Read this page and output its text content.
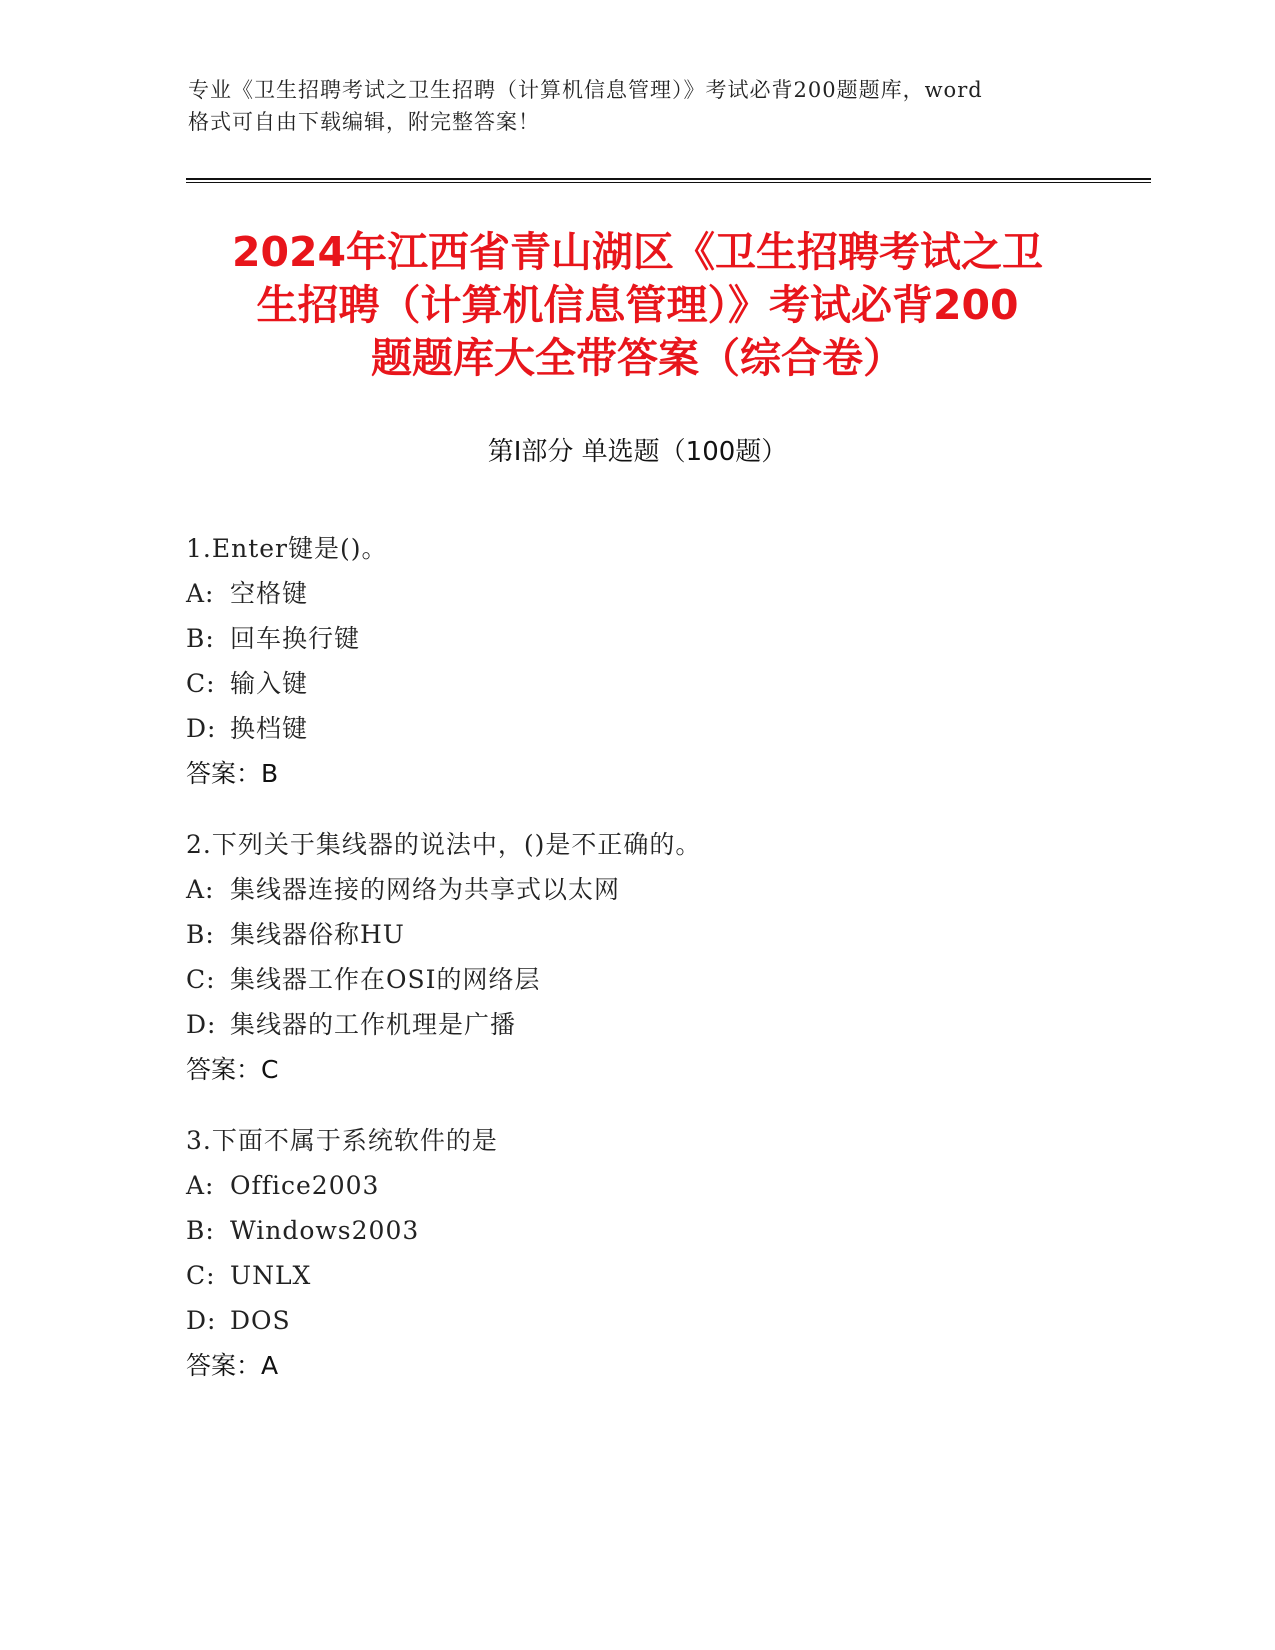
专业《卫生招聘考试之卫生招聘（计算机信息管理）》考试必背200题题库，word
格式可自由下载编辑，附完整答案！
2024年江西省青山湖区《卫生招聘考试之卫
生招聘（计算机信息管理）》考试必背200
题题库大全带答案（综合卷）
第Ⅰ部分 单选题（100题）
1.Enter键是()。
A: 空格键
B: 回车换行键
C: 输入键
D: 换档键
答案：B
2.下列关于集线器的说法中，()是不正确的。
A: 集线器连接的网络为共享式以太网
B: 集线器俗称HU
C: 集线器工作在OSI的网络层
D: 集线器的工作机理是广播
答案：C
3.下面不属于系统软件的是
A: Office2003
B: Windows2003
C: UNLX
D: DOS
答案：A
